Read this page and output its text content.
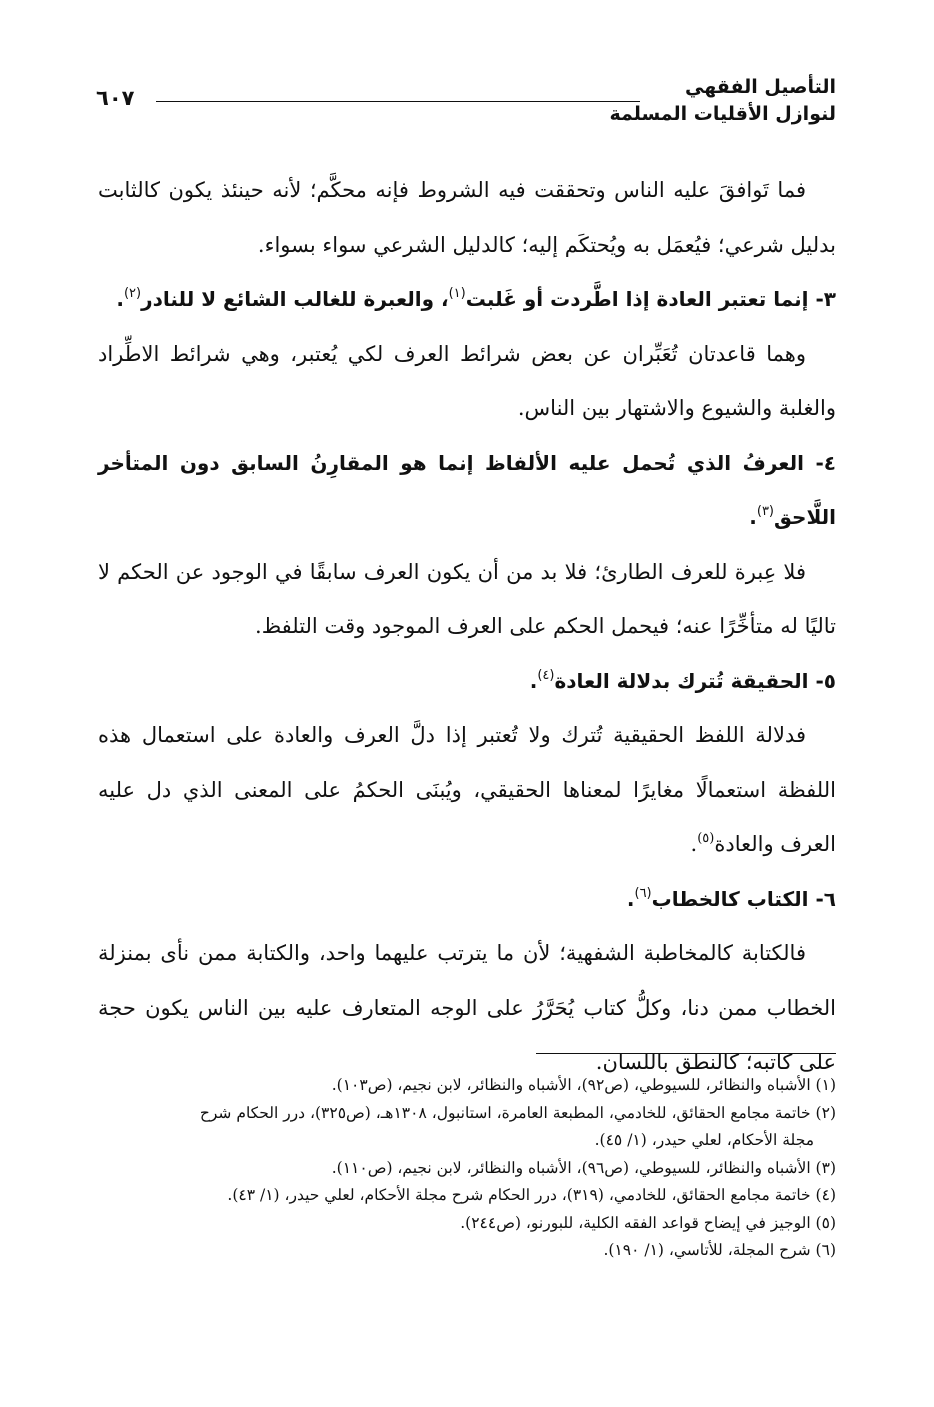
التأصيل الفقهي
لنوازل الأقليات المسلمة
٦٠٧

فما تَوافقَ عليه الناس وتحققت فيه الشروط فإنه محكَّم؛ لأنه حينئذ يكون كالثابت بدليل شرعي؛ فيُعمَل به ويُحتكَم إليه؛ كالدليل الشرعي سواء بسواء.

٣- إنما تعتبر العادة إذا اطَّردت أو غَلبت$^{(١)}$، والعبرة للغالب الشائع لا للنادر$^{(٢)}$.

وهما قاعدتان تُعَبِّران عن بعض شرائط العرف لكي يُعتبر، وهي شرائط الاطِّراد والغلبة والشيوع والاشتهار بين الناس.

٤- العرفُ الذي تُحمل عليه الألفاظ إنما هو المقارِنُ السابق دون المتأخر اللَّاحق$^{(٣)}$.

فلا عِبرة للعرف الطارئ؛ فلا بد من أن يكون العرف سابقًا في الوجود عن الحكم لا تاليًا له متأخِّرًا عنه؛ فيحمل الحكم على العرف الموجود وقت التلفظ.

٥- الحقيقة تُترك بدلالة العادة$^{(٤)}$.

فدلالة اللفظ الحقيقية تُترك ولا تُعتبر إذا دلَّ العرف والعادة على استعمال هذه اللفظة استعمالًا مغايرًا لمعناها الحقيقي، ويُبنَى الحكمُ على المعنى الذي دل عليه العرف والعادة$^{(٥)}$.

٦- الكتاب كالخطاب$^{(٦)}$.

فالكتابة كالمخاطبة الشفهية؛ لأن ما يترتب عليهما واحد، والكتابة ممن نأى بمنزلة الخطاب ممن دنا، وكلُّ كتاب يُحَرَّرُ على الوجه المتعارف عليه بين الناس يكون حجة على كاتبه؛ كالنطق باللسان.

(١) الأشباه والنظائر، للسيوطي، (ص٩٢)، الأشباه والنظائر، لابن نجيم، (ص١٠٣).

(٢) خاتمة مجامع الحقائق، للخادمي، المطبعة العامرة، استانبول، ١٣٠٨هـ، (ص٣٢٥)، درر الحكام شرح

مجلة الأحكام، لعلي حيدر، (١/ ٤٥).

(٣) الأشباه والنظائر، للسيوطي، (ص٩٦)، الأشباه والنظائر، لابن نجيم، (ص١١٠).

(٤) خاتمة مجامع الحقائق، للخادمي، (٣١٩)، درر الحكام شرح مجلة الأحكام، لعلي حيدر، (١/ ٤٣).

(٥) الوجيز في إيضاح قواعد الفقه الكلية، للبورنو، (ص٢٤٤).

(٦) شرح المجلة، للأتاسي، (١/ ١٩٠).
